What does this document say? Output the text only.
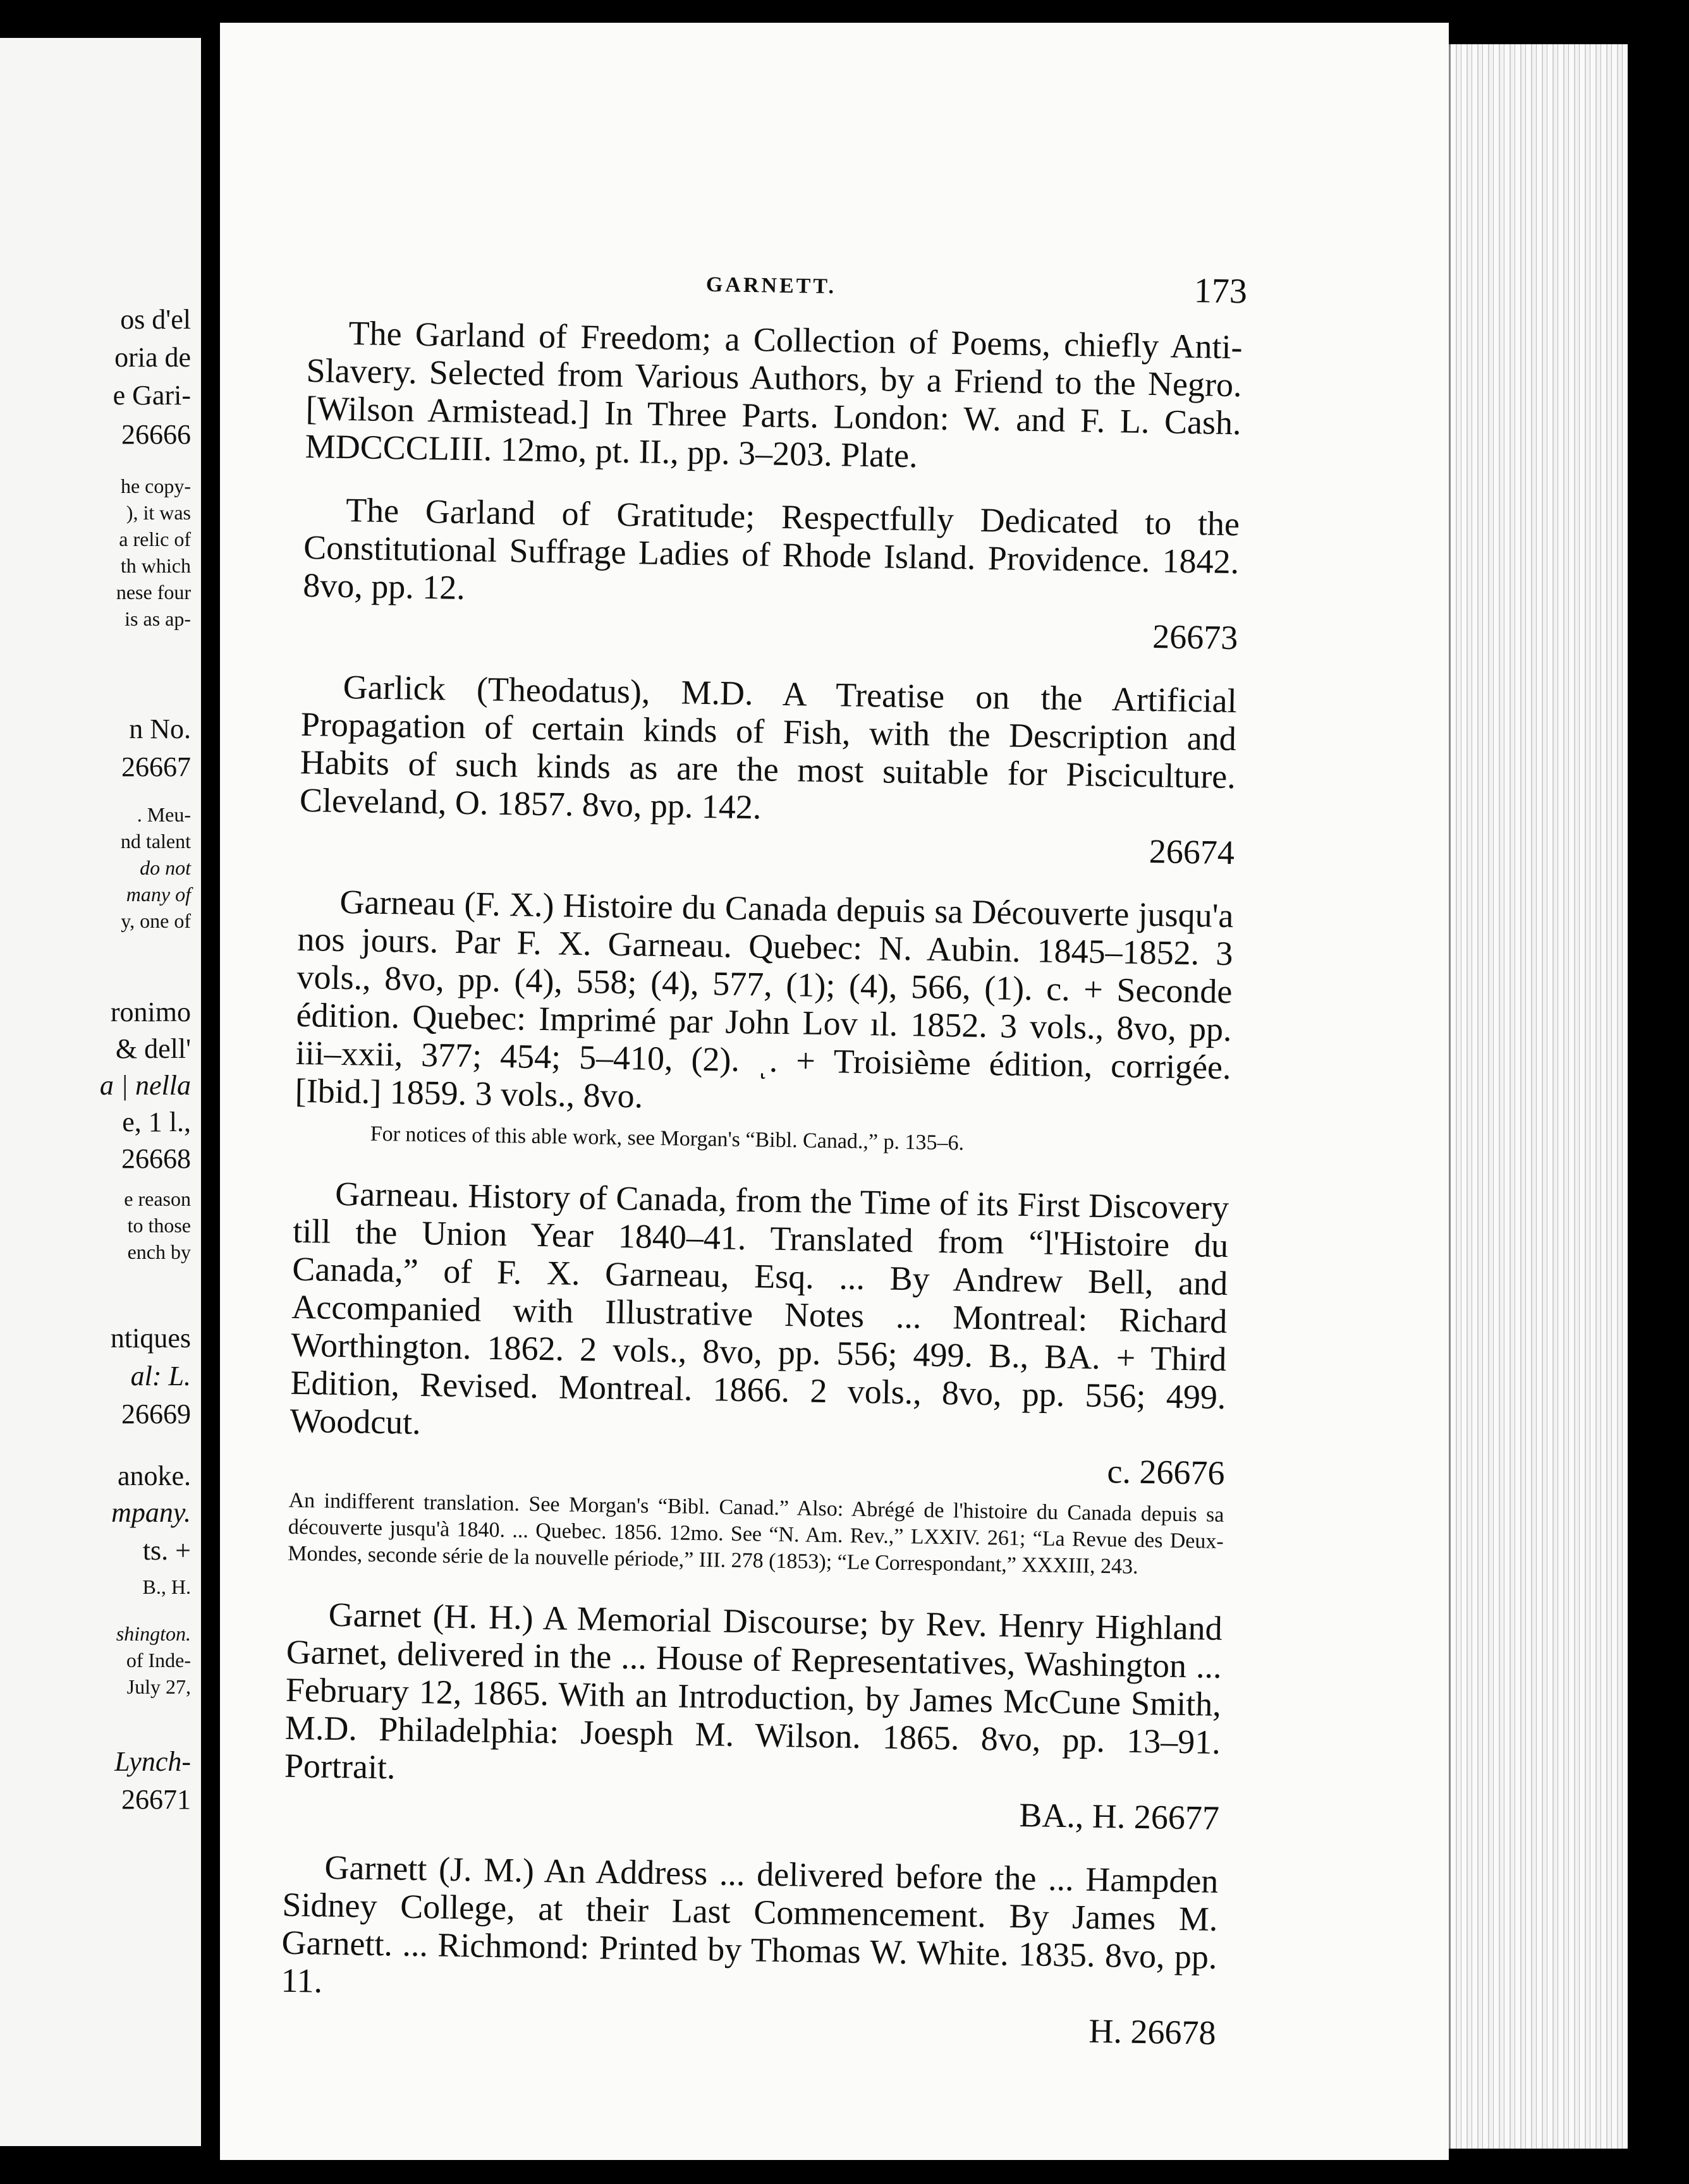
os d'el
oria de
e Gari-
26666
he copy-
), it was
a relic of
th which
nese four
is as ap-
n No.
26667
. Meu-
nd talent
do not
many of
y, one of
ronimo
& dell'
a | nella
e, 1 l.,
26668
e reason
to those
ench by
ntiques
al: L.
26669
anoke.
mpany.
ts. +
B., H.
shington.
of Inde-
July 27,
Lynch-
26671
GARNETT.	173

The Garland of Freedom; a Collection of Poems, chiefly Anti-Slavery. Selected from Various Authors, by a Friend to the Negro. [Wilson Armistead.] In Three Parts. London: W. and F. L. Cash. MDCCCLIII. 12mo, pt. II., pp. 3–203. Plate.

The Garland of Gratitude; Respectfully Dedicated to the Constitutional Suffrage Ladies of Rhode Island. Providence. 1842. 8vo, pp. 12.

26673

Garlick (Theodatus), M.D. A Treatise on the Artificial Propagation of certain kinds of Fish, with the Description and Habits of such kinds as are the most suitable for Pisciculture. Cleveland, O. 1857. 8vo, pp. 142.

26674

Garneau (F. X.) Histoire du Canada depuis sa Découverte jusqu'a nos jours. Par F. X. Garneau. Quebec: N. Aubin. 1845–1852. 3 vols., 8vo, pp. (4), 558; (4), 577, (1); (4), 566, (1). c. + Seconde édition. Quebec: Imprimé par John Lov ıl. 1852. 3 vols., 8vo, pp. iii–xxii, 377; 454; 5–410, (2). ͺ. + Troisième édition, corrigée. [Ibid.] 1859. 3 vols., 8vo.

For notices of this able work, see Morgan's “Bibl. Canad.,” p. 135–6.

Garneau. History of Canada, from the Time of its First Discovery till the Union Year 1840–41. Translated from “l'Histoire du Canada,” of F. X. Garneau, Esq. ... By Andrew Bell, and Accompanied with Illustrative Notes ... Montreal: Richard Worthington. 1862. 2 vols., 8vo, pp. 556; 499. B., BA. + Third Edition, Revised. Montreal. 1866. 2 vols., 8vo, pp. 556; 499. Woodcut.

c. 26676
An indifferent translation. See Morgan's “Bibl. Canad.” Also: Abrégé de l'histoire du Canada depuis sa découverte jusqu'à 1840. ... Quebec. 1856. 12mo. See “N. Am. Rev.,” LXXIV. 261; “La Revue des Deux-Mondes, seconde série de la nouvelle période,” III. 278 (1853); “Le Correspondant,” XXXIII, 243.

Garnet (H. H.) A Memorial Discourse; by Rev. Henry Highland Garnet, delivered in the ... House of Representatives, Washington ... February 12, 1865. With an Introduction, by James McCune Smith, M.D. Philadelphia: Joesph M. Wilson. 1865. 8vo, pp. 13–91. Portrait.

BA., H. 26677

Garnett (J. M.) An Address ... delivered before the ... Hampden Sidney College, at their Last Commencement. By James M. Garnett. ... Richmond: Printed by Thomas W. White. 1835. 8vo, pp. 11.

H. 26678
